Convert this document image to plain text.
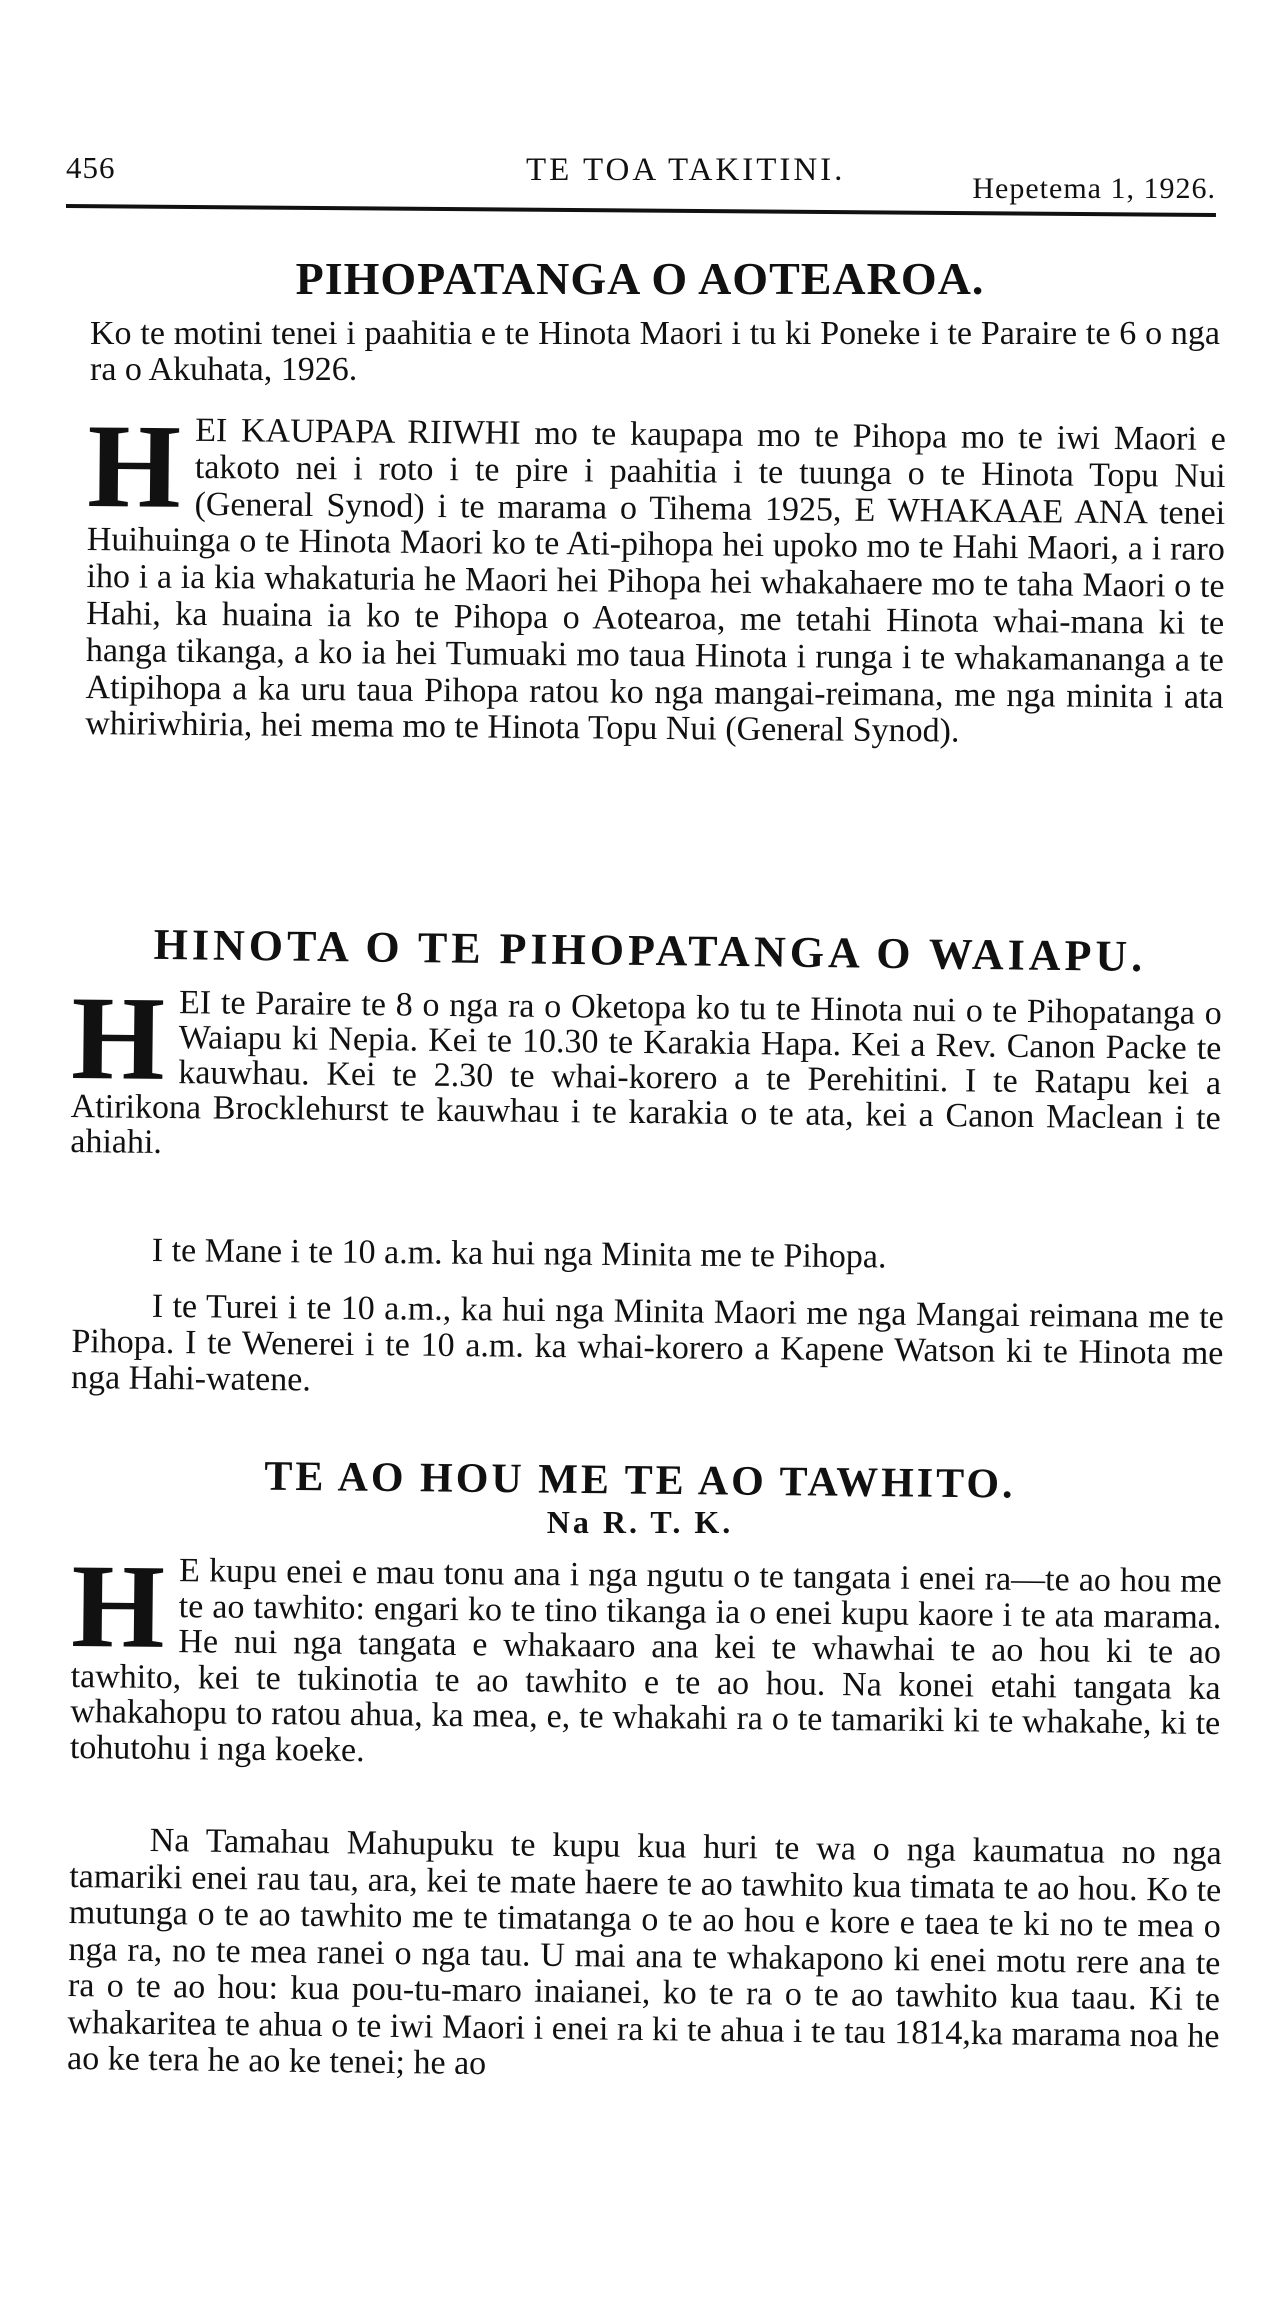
456	TE TOA TAKITINI.
Hepetema 1, 1926.
PIHOPATANGA O AOTEAROA.
Ko te motini tenei i paahitia e te Hinota Maori i tu ki Poneke i te Paraire te 6 o nga ra o Akuhata, 1926.
HEI KAUPAPA RIIWHI mo te kaupapa mo te Pihopa mo te iwi Maori e takoto nei i roto i te pire i paahitia i te tuunga o te Hinota Topu Nui (General Synod) i te marama o Tihema 1925, E WHAKAAE ANA tenei Huihuinga o te Hinota Maori ko te Ati-pihopa hei upoko mo te Hahi Maori, a i raro iho i a ia kia whakaturia he Maori hei Pihopa hei whakahaere mo te taha Maori o te Hahi, ka huaina ia ko te Pihopa o Aotearoa, me tetahi Hinota whai-mana ki te hanga tikanga, a ko ia hei Tumuaki mo taua Hinota i runga i te whakamananga a te Atipihopa a ka uru taua Pihopa ratou ko nga mangai-reimana, me nga minita i ata whiriwhiria, hei mema mo te Hinota Topu Nui (General Synod).
HINOTA O TE PIHOPATANGA O WAIAPU.
HEI te Paraire te 8 o nga ra o Oketopa ko tu te Hinota nui o te Pihopatanga o Waiapu ki Nepia. Kei te 10.30 te Karakia Hapa. Kei a Rev. Canon Packe te kauwhau. Kei te 2.30 te whai-korero a te Perehitini. I te Ratapu kei a Atirikona Brocklehurst te kauwhau i te karakia o te ata, kei a Canon Maclean i te ahiahi.
I te Mane i te 10 a.m. ka hui nga Minita me te Pihopa.
I te Turei i te 10 a.m., ka hui nga Minita Maori me nga Mangai reimana me te Pihopa. I te Wenerei i te 10 a.m. ka whai-korero a Kapene Watson ki te Hinota me nga Hahi-watene.
TE AO HOU ME TE AO TAWHITO.
Na R. T. K.
H E kupu enei e mau tonu ana i nga ngutu o te tangata i enei ra—te ao hou me te ao tawhito: engari ko te tino tikanga ia o enei kupu kaore i te ata marama. He nui nga tangata e whakaaro ana kei te whawhai te ao hou ki te ao tawhito, kei te tukinotia te ao tawhito e te ao hou. Na konei etahi tangata ka whakahopu to ratou ahua, ka mea, e, te whakahi ra o te tamariki ki te whakahe, ki te tohutohu i nga koeke.
Na Tamahau Mahupuku te kupu kua huri te wa o nga kaumatua no nga tamariki enei rau tau, ara, kei te mate haere te ao tawhito kua timata te ao hou. Ko te mutunga o te ao tawhito me te timatanga o te ao hou e kore e taea te ki no te mea o nga ra, no te mea ranei o nga tau. U mai ana te whakapono ki enei motu rere ana te ra o te ao hou: kua pou-tu-maro inaianei, ko te ra o te ao tawhito kua taau. Ki te whakaritea te ahua o te iwi Maori i enei ra ki te ahua i te tau 1814,ka marama noa he ao ke tera he ao ke tenei; he ao
